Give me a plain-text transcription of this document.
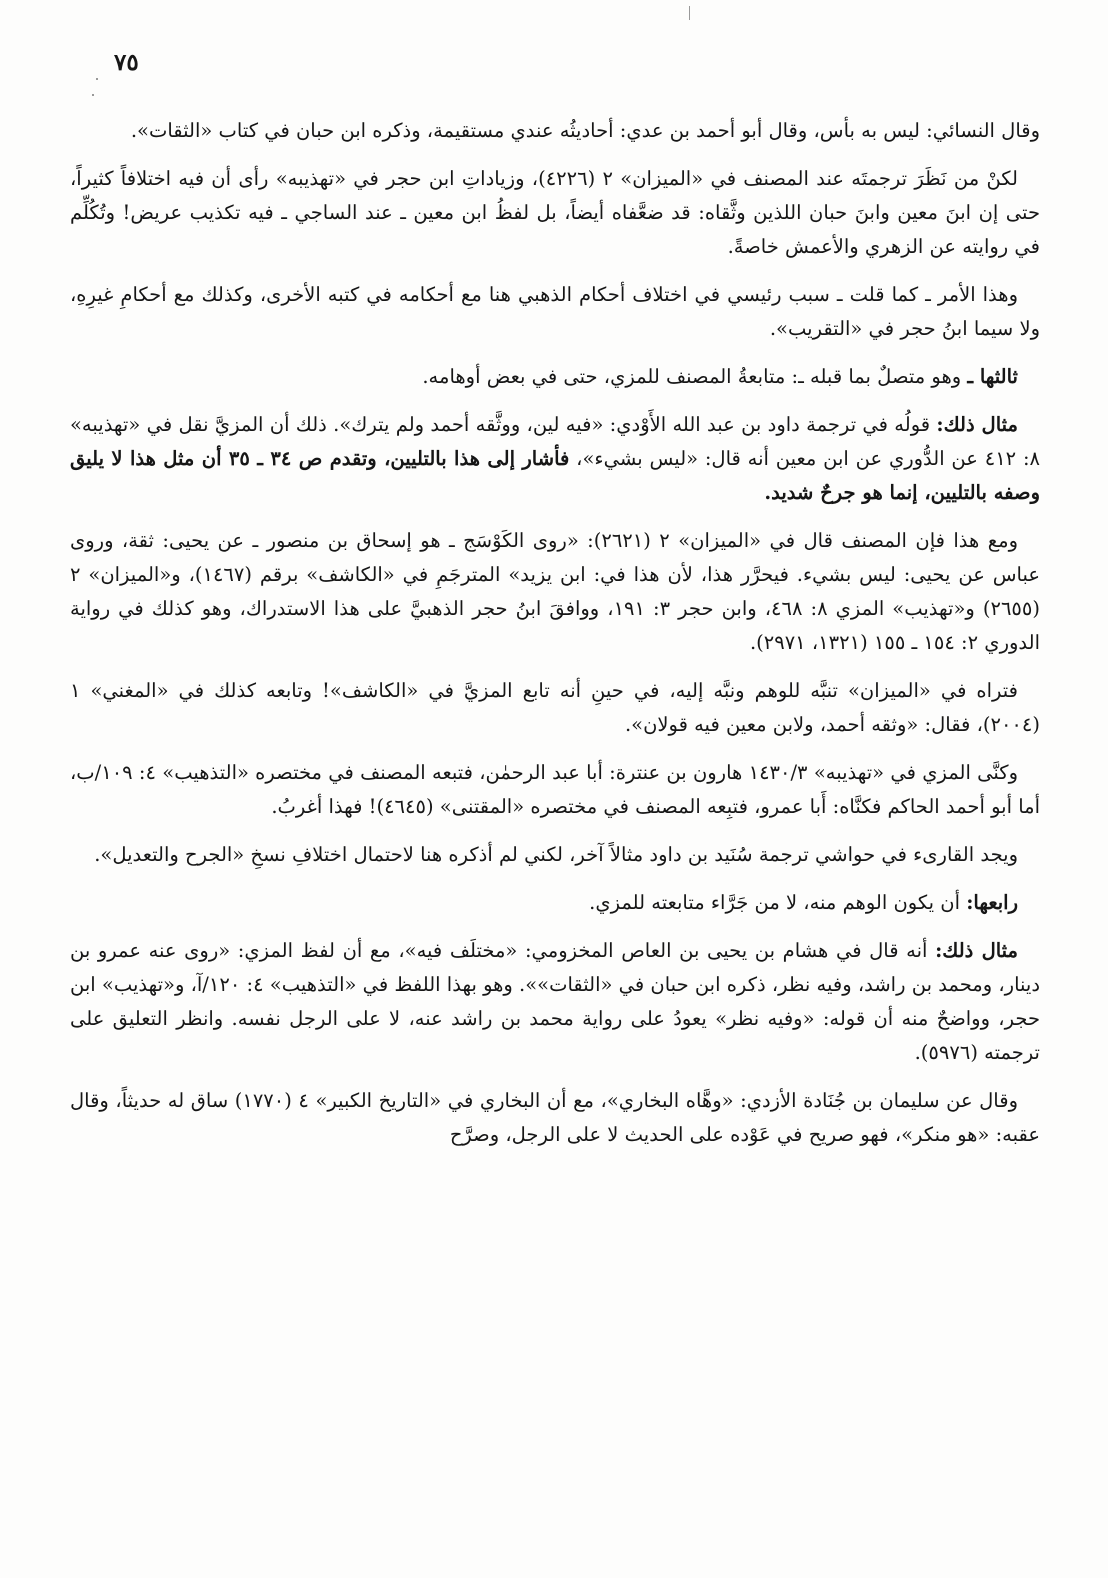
٧٥

وقال النسائي: ليس به بأس، وقال أبو أحمد بن عدي: أحاديثُه عندي مستقيمة، وذكره ابن حبان في كتاب «الثقات».

لكنْ من نَظَرَ ترجمتَه عند المصنف في «الميزان» ٢ (٤٢٢٦)، وزياداتِ ابن حجر في «تهذيبه» رأى أن فيه اختلافاً كثيراً، حتى إن ابنَ معين وابنَ حبان اللذين وثَّقاه: قد ضعَّفاه أيضاً، بل لفظُ ابن معين ـ عند الساجي ـ فيه تكذيب عريض! وتُكُلِّم في روايته عن الزهري والأعمش خاصةً.

وهذا الأمر ـ كما قلت ـ سبب رئيسي في اختلاف أحكام الذهبي هنا مع أحكامه في كتبه الأخرى، وكذلك مع أحكامِ غيرِهِ، ولا سيما ابنُ حجر في «التقريب».

ثالثها ـ وهو متصلٌ بما قبله ـ: متابعةُ المصنف للمزي، حتى في بعض أوهامه.

مثال ذلك: قولُه في ترجمة داود بن عبد الله الأَوْدي: «فيه لين، ووثَّقه أحمد ولم يترك». ذلك أن المزيَّ نقل في «تهذيبه» ٨: ٤١٢ عن الدُّوري عن ابن معين أنه قال: «ليس بشيء»، فأشار إلى هذا بالتليين، وتقدم ص ٣٤ ـ ٣٥ أن مثل هذا لا يليق وصفه بالتليين، إنما هو جرحٌ شديد.

ومع هذا فإن المصنف قال في «الميزان» ٢ (٢٦٢١): «روى الكَوْسَج ـ هو إسحاق بن منصور ـ عن يحيى: ثقة، وروى عباس عن يحيى: ليس بشيء. فيحرَّر هذا، لأن هذا في: ابن يزيد» المترجَمِ في «الكاشف» برقم (١٤٦٧)، و«الميزان» ٢ (٢٦٥٥) و«تهذيب» المزي ٨: ٤٦٨، وابن حجر ٣: ١٩١، ووافقَ ابنُ حجر الذهبيَّ على هذا الاستدراك، وهو كذلك في رواية الدوري ٢: ١٥٤ ـ ١٥٥ (١٣٢١، ٢٩٧١).

فتراه في «الميزان» تنبَّه للوهم ونبَّه إليه، في حينِ أنه تابع المزيَّ في «الكاشف»! وتابعه كذلك في «المغني» ١ (٢٠٠٤)، فقال: «وثقه أحمد، ولابن معين فيه قولان».

وكنَّى المزي في «تهذيبه» ١٤٣٠/٣ هارون بن عنترة: أبا عبد الرحمٰن، فتبعه المصنف في مختصره «التذهيب» ٤: ١٠٩/ب، أما أبو أحمد الحاكم فكنَّاه: أَبا عمرو، فتبِعه المصنف في مختصره «المقتنى» (٤٦٤٥)! فهذا أغربُ.

ويجد القارىء في حواشي ترجمة سُنَيد بن داود مثالاً آخر، لكني لم أذكره هنا لاحتمال اختلافِ نسخِ «الجرح والتعديل».

رابعها: أن يكون الوهم منه، لا من جَرَّاء متابعته للمزي.

مثال ذلك: أنه قال في هشام بن يحيى بن العاص المخزومي: «مختلَف فيه»، مع أن لفظ المزي: «روى عنه عمرو بن دينار، ومحمد بن راشد، وفيه نظر، ذكره ابن حبان في «الثقات»». وهو بهذا اللفظ في «التذهيب» ٤: ١٢٠/آ، و«تهذيب» ابن حجر، وواضحٌ منه أن قوله: «وفيه نظر» يعودُ على رواية محمد بن راشد عنه، لا على الرجل نفسه. وانظر التعليق على ترجمته (٥٩٧٦).

وقال عن سليمان بن جُنَادة الأزدي: «وهَّاه البخاري»، مع أن البخاري في «التاريخ الكبير» ٤ (١٧٧٠) ساق له حديثاً، وقال عقبه: «هو منكر»، فهو صريح في عَوْده على الحديث لا على الرجل، وصرَّح
